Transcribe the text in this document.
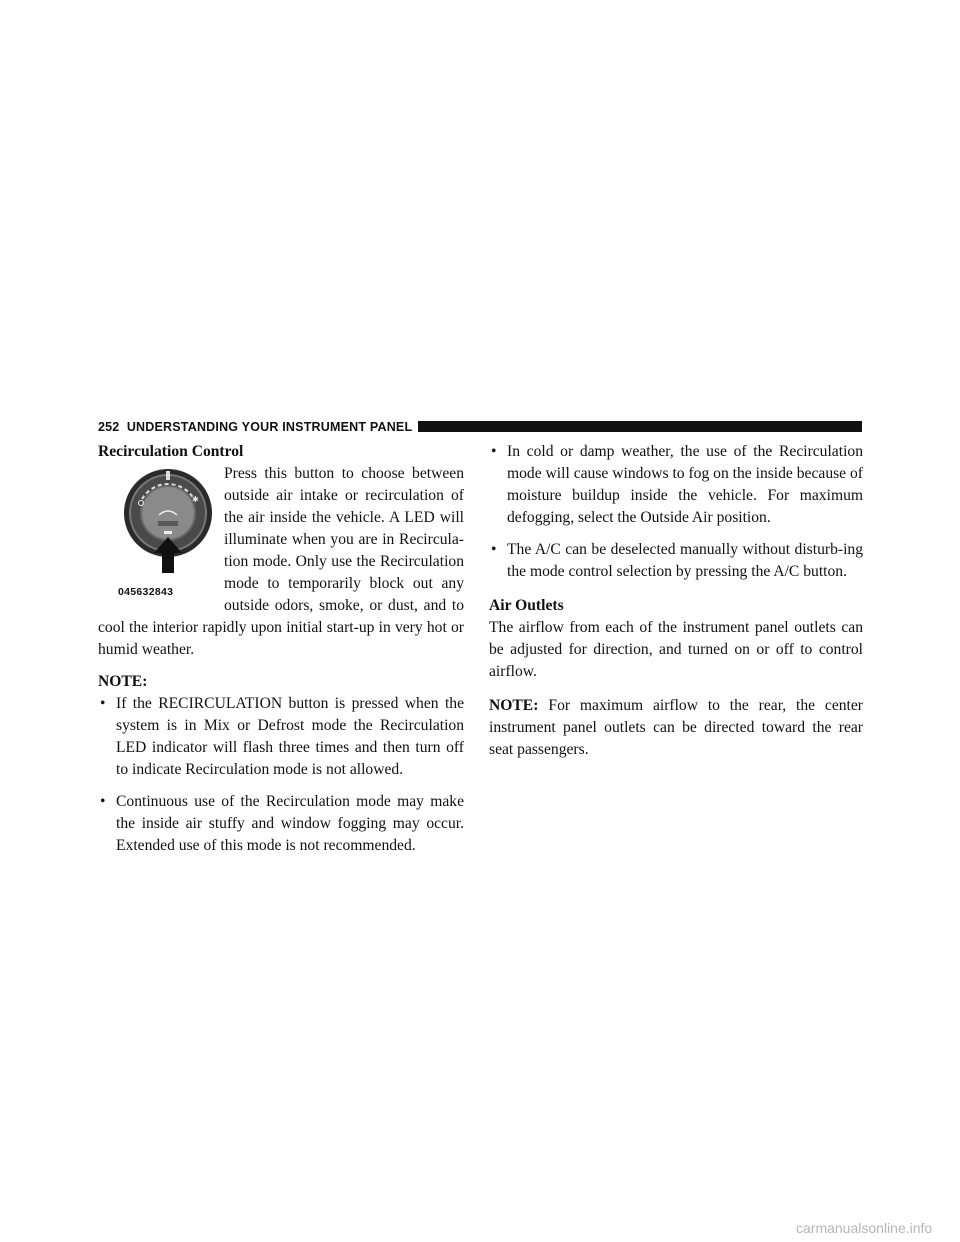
252 UNDERSTANDING YOUR INSTRUMENT PANEL
Recirculation Control
✱
045632843

Press this button to choose between outside air intake or recirculation of the air inside the vehicle. A LED will illuminate when you are in Recircula-tion mode. Only use the Recirculation mode to temporarily block out any outside odors, smoke, or dust, and to cool the interior rapidly upon initial start-up in very hot or humid weather.

NOTE:
• If the RECIRCULATION button is pressed when the system is in Mix or Defrost mode the Recirculation LED indicator will flash three times and then turn off to indicate Recirculation mode is not allowed.
• Continuous use of the Recirculation mode may make the inside air stuffy and window fogging may occur. Extended use of this mode is not recommended.
• In cold or damp weather, the use of the Recirculation mode will cause windows to fog on the inside because of moisture buildup inside the vehicle. For maximum defogging, select the Outside Air position.
• The A/C can be deselected manually without disturb-ing the mode control selection by pressing the A/C button.
Air Outlets

The airflow from each of the instrument panel outlets can be adjusted for direction, and turned on or off to control airflow.

NOTE: For maximum airflow to the rear, the center instrument panel outlets can be directed toward the rear seat passengers.

carmanualsonline.info
